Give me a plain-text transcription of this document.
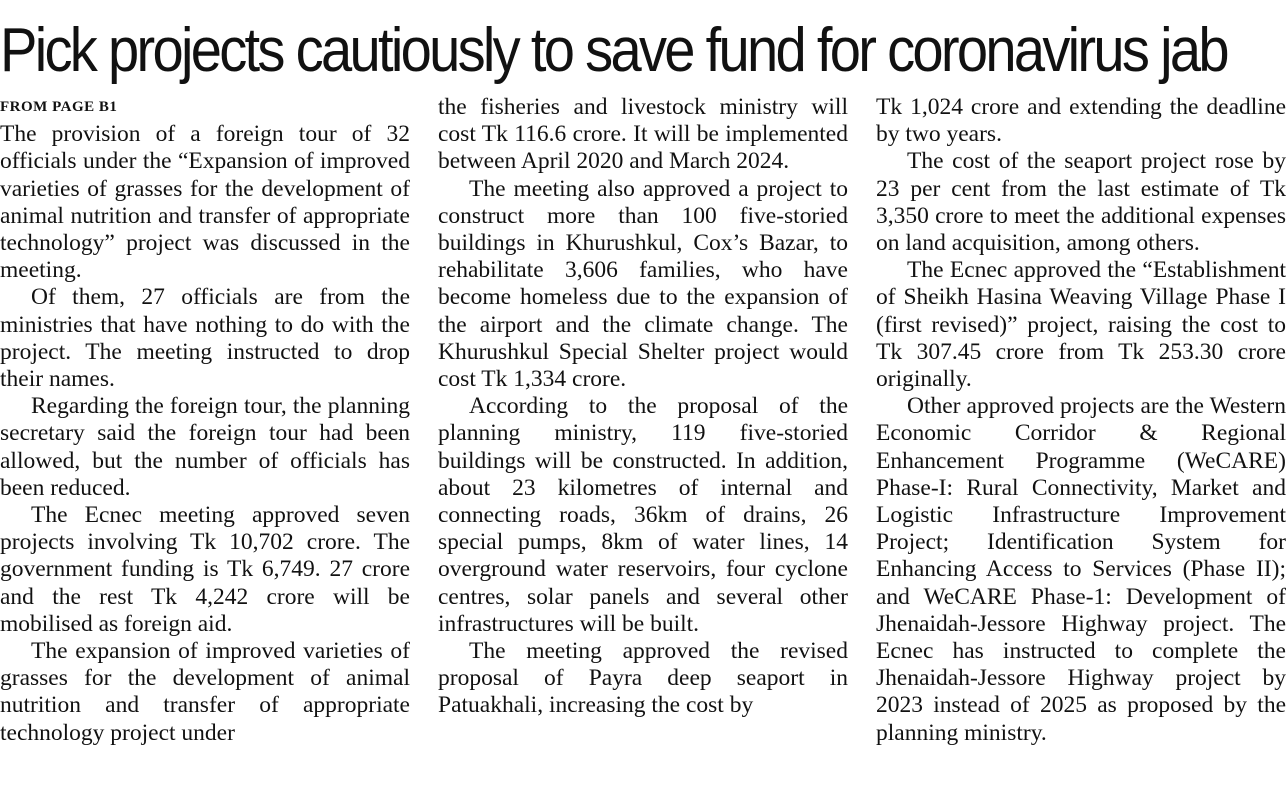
Pick projects cautiously to save fund for coronavirus jab
FROM PAGE B1

The provision of a foreign tour of 32 officials under the “Expansion of improved varieties of grasses for the development of animal nutrition and transfer of appropriate technology” project was discussed in the meeting.

Of them, 27 officials are from the ministries that have nothing to do with the project. The meeting instructed to drop their names.

Regarding the foreign tour, the planning secretary said the foreign tour had been allowed, but the number of officials has been reduced.

The Ecnec meeting approved seven projects involving Tk 10,702 crore. The government funding is Tk 6,749. 27 crore and the rest Tk 4,242 crore will be mobilised as foreign aid.

The expansion of improved varieties of grasses for the development of animal nutrition and transfer of appropriate technology project under

the fisheries and livestock ministry will cost Tk 116.6 crore. It will be implemented between April 2020 and March 2024.

The meeting also approved a project to construct more than 100 five-storied buildings in Khurushkul, Cox’s Bazar, to rehabilitate 3,606 families, who have become homeless due to the expansion of the airport and the climate change. The Khurushkul Special Shelter project would cost Tk 1,334 crore.

According to the proposal of the planning ministry, 119 five-storied buildings will be constructed. In addition, about 23 kilometres of internal and connecting roads, 36km of drains, 26 special pumps, 8km of water lines, 14 overground water reservoirs, four cyclone centres, solar panels and several other infrastructures will be built.

The meeting approved the revised proposal of Payra deep seaport in Patuakhali, increasing the cost by

Tk 1,024 crore and extending the deadline by two years.

The cost of the seaport project rose by 23 per cent from the last estimate of Tk 3,350 crore to meet the additional expenses on land acquisition, among others.

The Ecnec approved the “Establishment of Sheikh Hasina Weaving Village Phase I (first revised)” project, raising the cost to Tk 307.45 crore from Tk 253.30 crore originally.

Other approved projects are the Western Economic Corridor & Regional Enhancement Programme (WeCARE) Phase-I: Rural Connectivity, Market and Logistic Infrastructure Improvement Project; Identification System for Enhancing Access to Services (Phase II); and WeCARE Phase-1: Development of Jhenaidah-Jessore Highway project. The Ecnec has instructed to complete the Jhenaidah-Jessore Highway project by 2023 instead of 2025 as proposed by the planning ministry.
